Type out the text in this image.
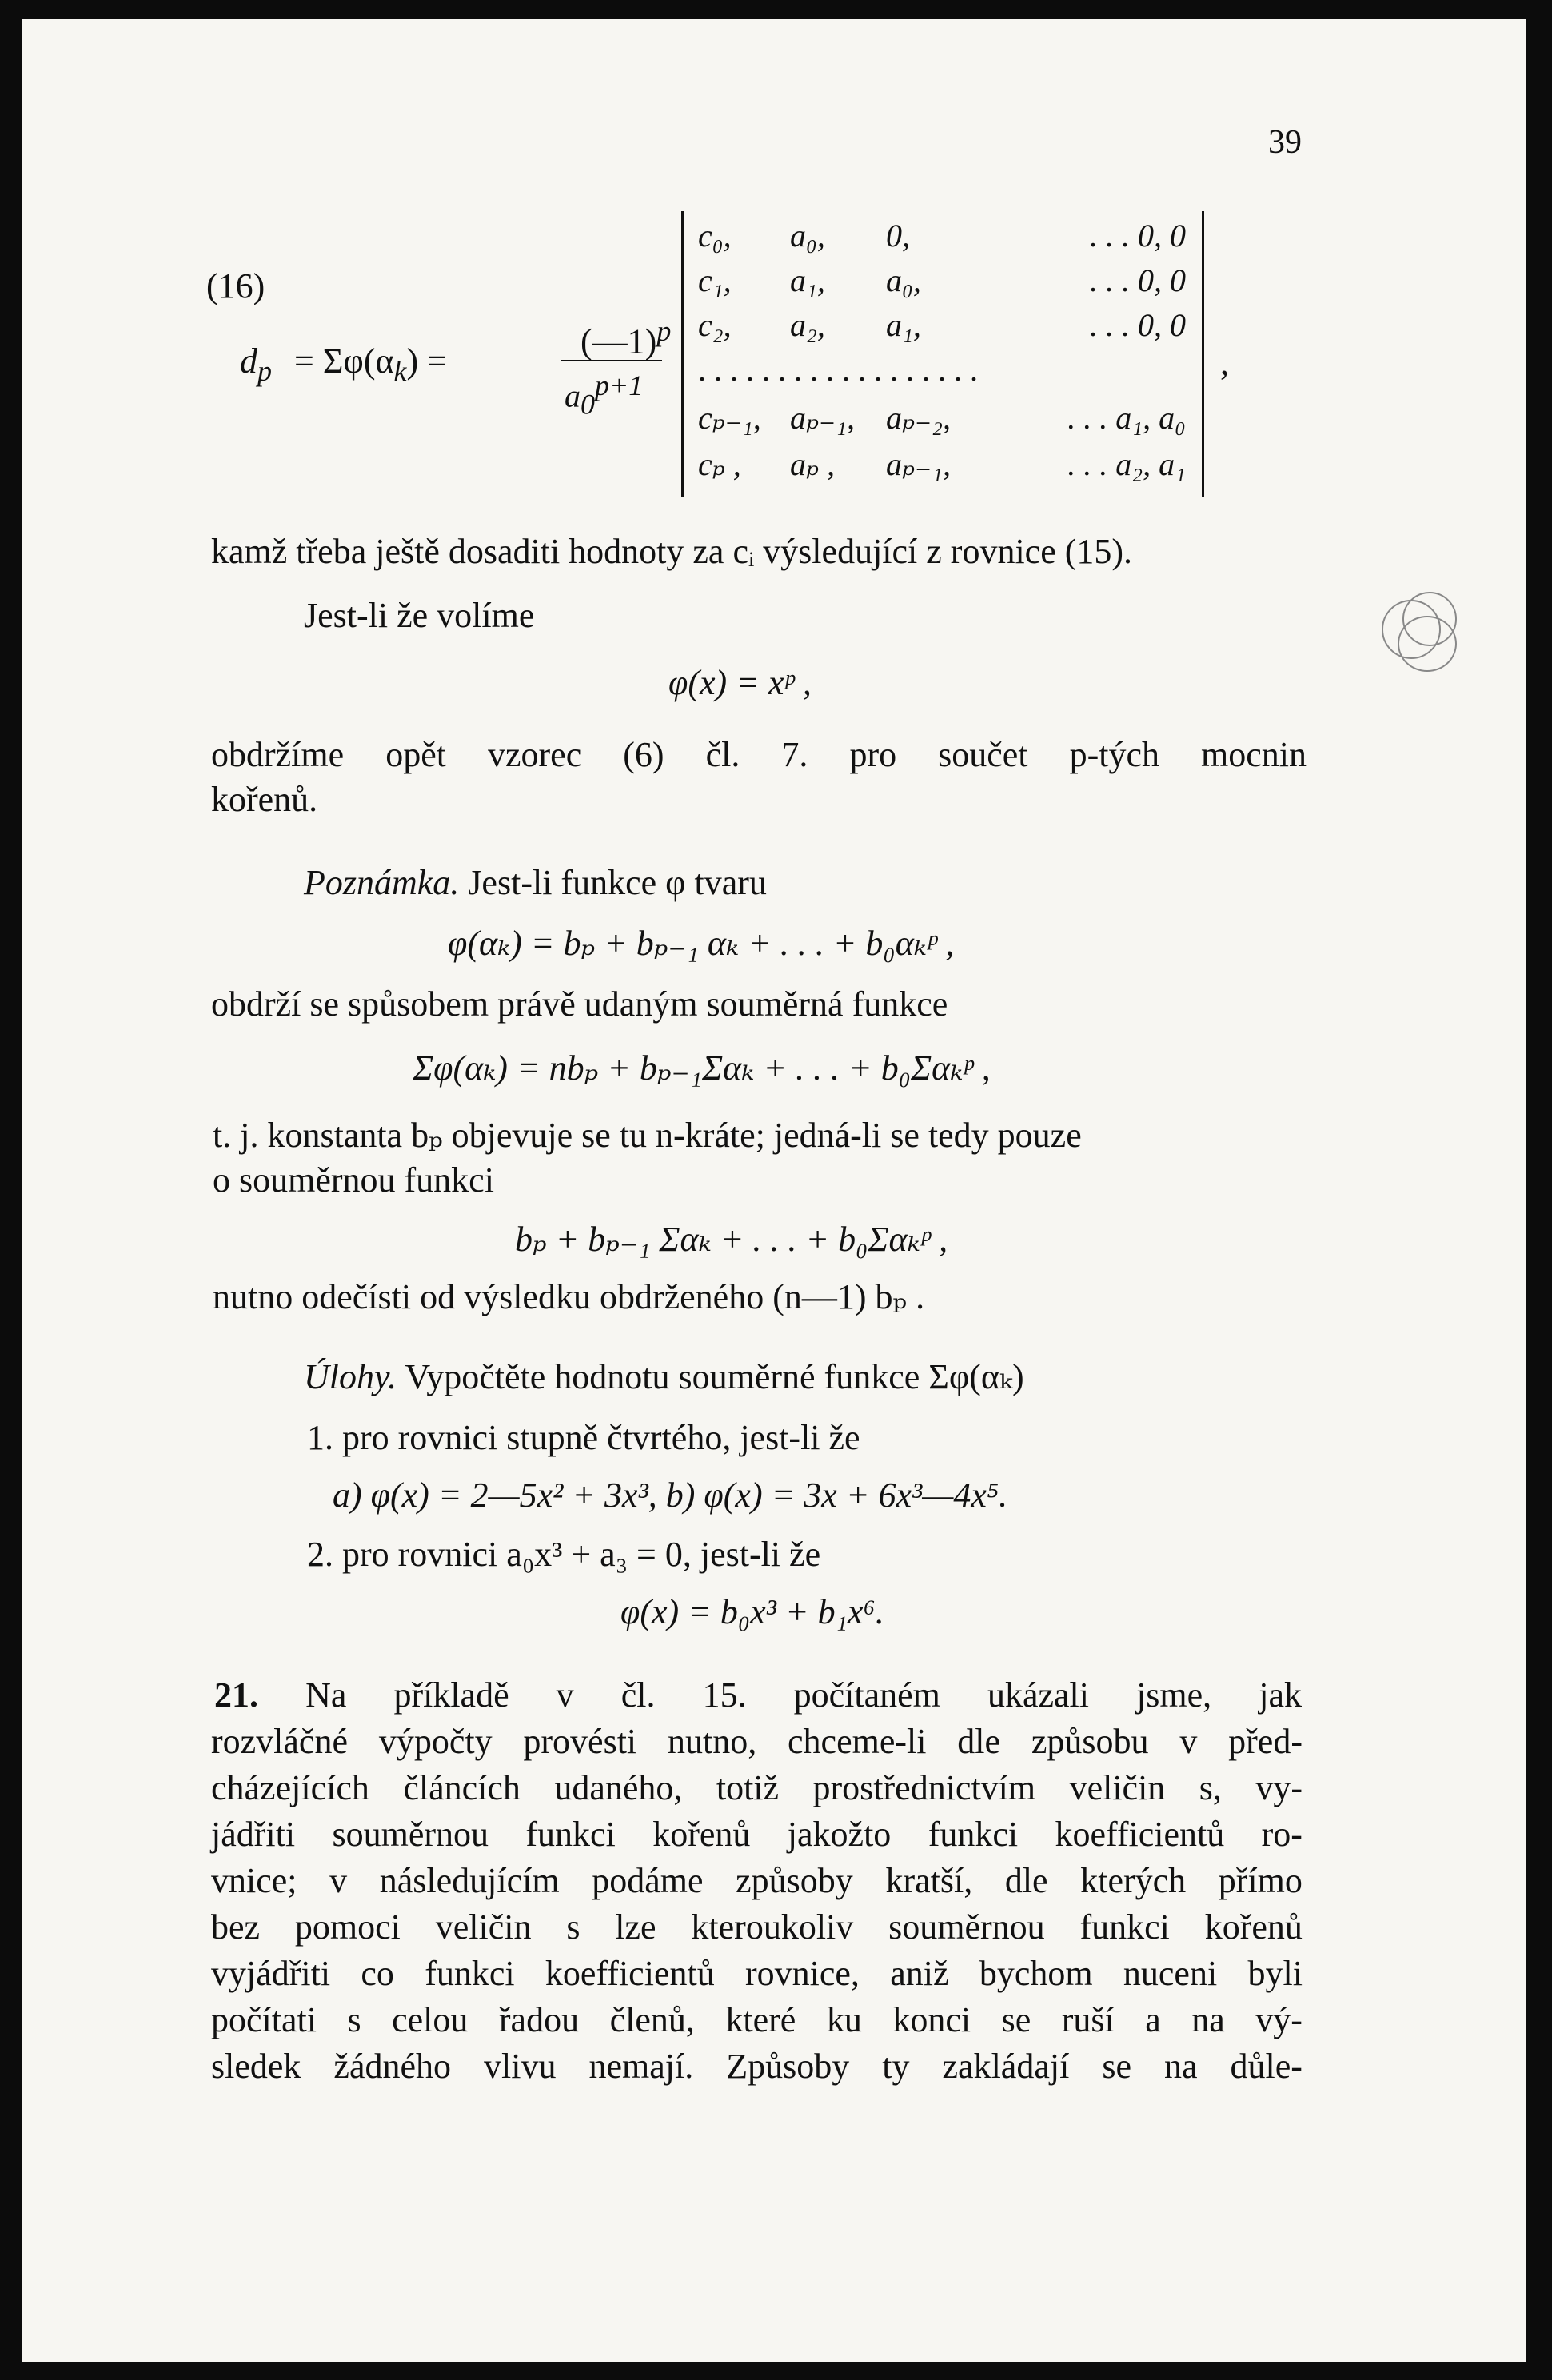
39
(16)
$d_p = \Sigma\varphi(\alpha_k)$ =	(—1)$^p$
$a_0^{p+1}$
c₀,	a₀,	0,	. . . 0, 0
c₁,	a₁,	a₀,	. . . 0, 0
c₂,	a₂,	a₁,	. . . 0, 0
. . . . . . . . . . . . . . . . . .
cₚ₋₁, aₚ₋₁, aₚ₋₂,	. . . a₁, a₀
cₚ ,	aₚ ,	aₚ₋₁,	. . . a₂, a₁
,
kamž třeba ještě dosaditi hodnoty za cᵢ výsledující z rovnice (15).
Jest-li že volíme
φ(x) = xᵖ ,
obdržíme opět vzorec (6) čl. 7. pro součet p-tých mocnin
kořenů.
Poznámka. Jest-li funkce φ tvaru
φ(αₖ) = bₚ + bₚ₋₁ αₖ + . . . + b₀αₖᵖ ,
obdrží se spůsobem právě udaným souměrná funkce
Σφ(αₖ) = nbₚ + bₚ₋₁Σαₖ + . . . + b₀Σαₖᵖ ,
t. j. konstanta bₚ objevuje se tu n-kráte; jedná-li se tedy pouze
o souměrnou funkci
bₚ + bₚ₋₁ Σαₖ + . . . + b₀Σαₖᵖ ,
nutno odečísti od výsledku obdrženého (n—1) bₚ .
Úlohy. Vypočtěte hodnotu souměrné funkce Σφ(αₖ)
1. pro rovnici stupně čtvrtého, jest-li že
a) φ(x) = 2—5x² + 3x³, b) φ(x) = 3x + 6x³—4x⁵.
2. pro rovnici a₀x³ + a₃ = 0, jest-li že
φ(x) = b₀x³ + b₁x⁶.
21. Na příkladě v čl. 15. počítaném ukázali jsme, jak
rozvláčné výpočty provésti nutno, chceme-li dle způsobu v před-
cházejících článcích udaného, totiž prostřednictvím veličin s, vy-
jádřiti souměrnou funkci kořenů jakožto funkci koefficientů ro-
vnice; v následujícím podáme způsoby kratší, dle kterých přímo
bez pomoci veličin s lze kteroukoliv souměrnou funkci kořenů
vyjádřiti co funkci koefficientů rovnice, aniž bychom nuceni byli
počítati s celou řadou členů, které ku konci se ruší a na vý-
sledek žádného vlivu nemají. Způsoby ty zakládají se na důle-
